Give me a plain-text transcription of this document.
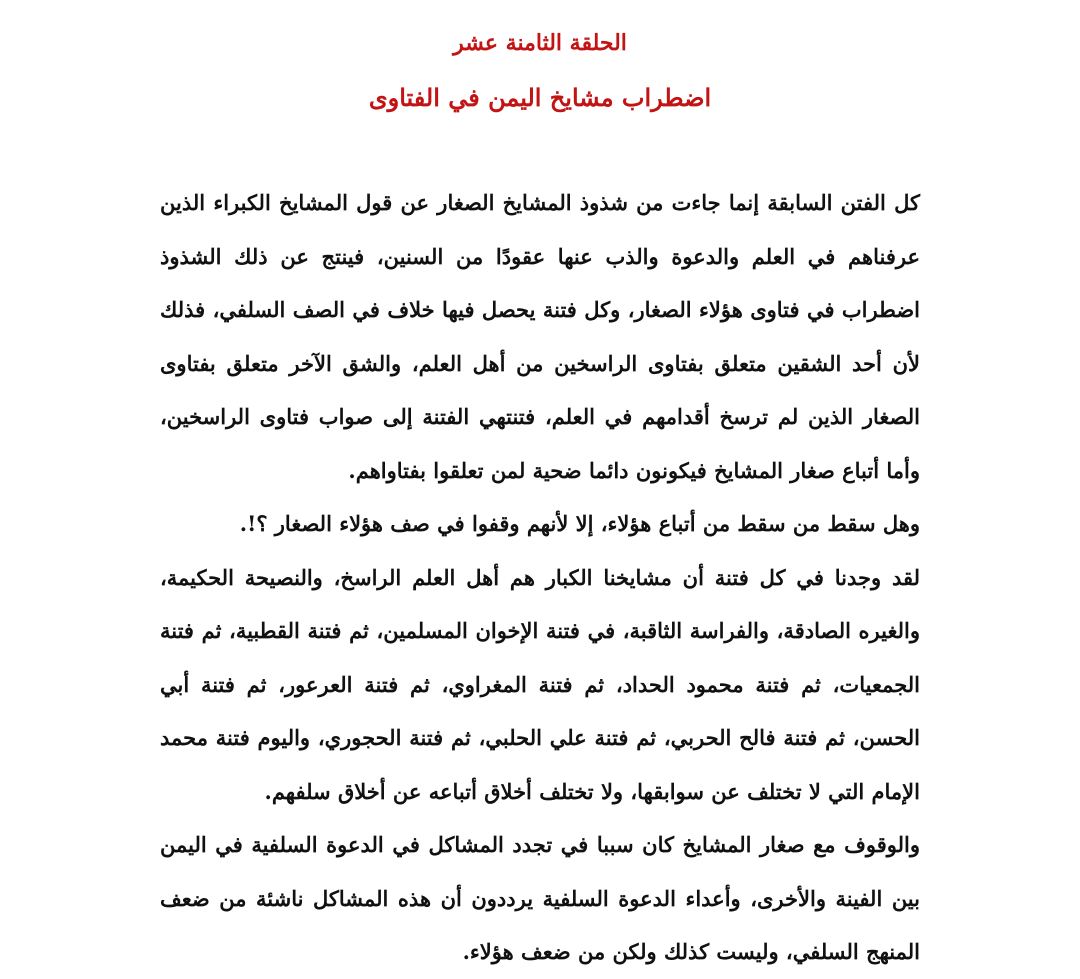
الحلقة الثامنة عشر
اضطراب مشايخ اليمن في الفتاوى

كل الفتن السابقة إنما جاءت من شذوذ المشايخ الصغار عن قول المشايخ الكبراء الذين عرفناهم في العلم والدعوة والذب عنها عقودًا من السنين، فينتج عن ذلك الشذوذ اضطراب في فتاوى هؤلاء الصغار، وكل فتنة يحصل فيها خلاف في الصف السلفي، فذلك لأن أحد الشقين متعلق بفتاوى الراسخين من أهل العلم، والشق الآخر متعلق بفتاوى الصغار الذين لم ترسخ أقدامهم في العلم، فتنتهي الفتنة إلى صواب فتاوى الراسخين، وأما أتباع صغار المشايخ فيكونون دائما ضحية لمن تعلقوا بفتاواهم.

وهل سقط من سقط من أتباع هؤلاء، إلا لأنهم وقفوا في صف هؤلاء الصغار ؟!.

لقد وجدنا في كل فتنة أن مشايخنا الكبار هم أهل العلم الراسخ، والنصيحة الحكيمة، والغيره الصادقة، والفراسة الثاقبة، في فتنة الإخوان المسلمين، ثم فتنة القطبية، ثم فتنة الجمعيات، ثم فتنة محمود الحداد، ثم فتنة المغراوي، ثم فتنة العرعور، ثم فتنة أبي الحسن، ثم فتنة فالح الحربي، ثم فتنة علي الحلبي، ثم فتنة الحجوري، واليوم فتنة محمد الإمام التي لا تختلف عن سوابقها، ولا تختلف أخلاق أتباعه عن أخلاق سلفهم.

والوقوف مع صغار المشايخ كان سببا في تجدد المشاكل في الدعوة السلفية في اليمن بين الفينة والأخرى، وأعداء الدعوة السلفية يرددون أن هذه المشاكل ناشئة من ضعف المنهج السلفي، وليست كذلك ولكن من ضعف هؤلاء.
